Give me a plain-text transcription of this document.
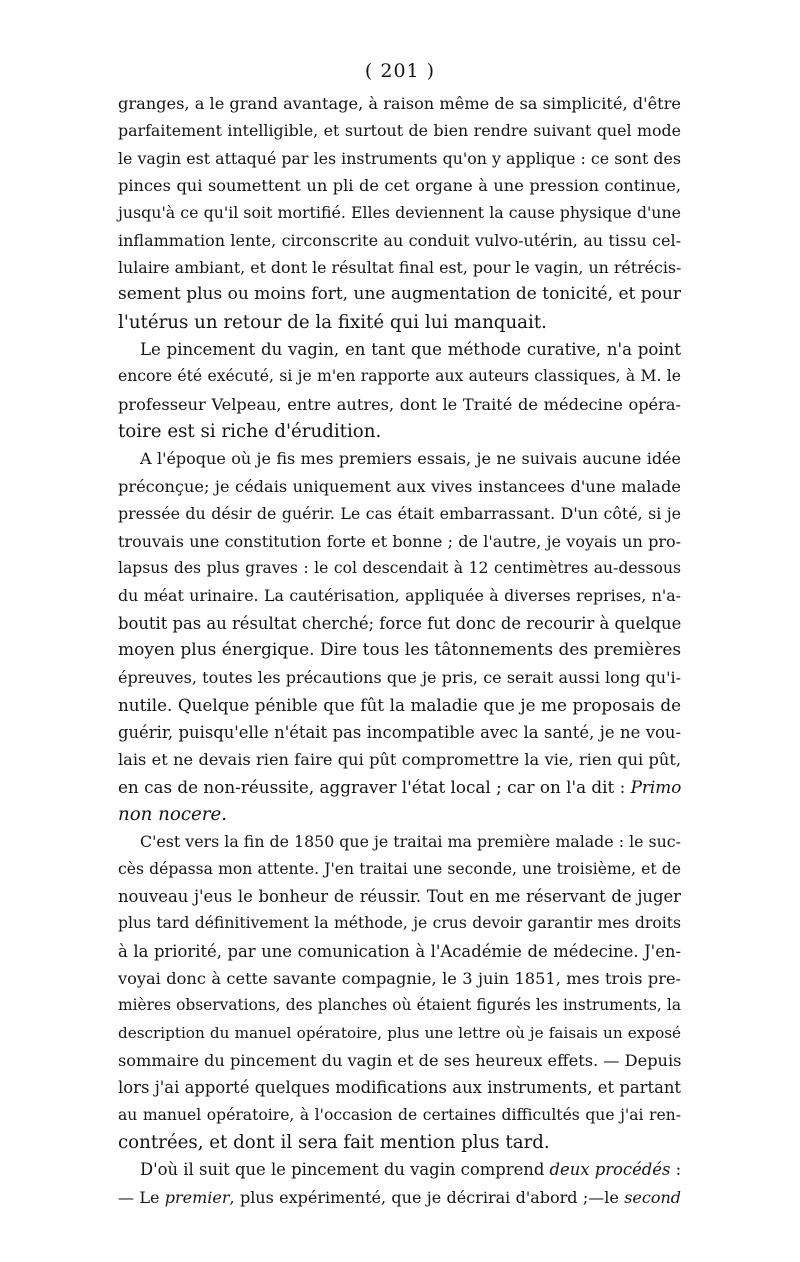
( 201 )
granges, a le grand avantage, à raison même de sa simplicité, d'être
parfaitement intelligible, et surtout de bien rendre suivant quel mode
le vagin est attaqué par les instruments qu'on y applique : ce sont des
pinces qui soumettent un pli de cet organe à une pression continue,
jusqu'à ce qu'il soit mortifié. Elles deviennent la cause physique d'une
inflammation lente, circonscrite au conduit vulvo-utérin, au tissu cel-
lulaire ambiant, et dont le résultat final est, pour le vagin, un rétrécis-
sement plus ou moins fort, une augmentation de tonicité, et pour
l'utérus un retour de la fixité qui lui manquait.
Le pincement du vagin, en tant que méthode curative, n'a point
encore été exécuté, si je m'en rapporte aux auteurs classiques, à M. le
professeur Velpeau, entre autres, dont le Traité de médecine opéra-
toire est si riche d'érudition.
A l'époque où je fis mes premiers essais, je ne suivais aucune idée
préconçue; je cédais uniquement aux vives instancees d'une malade
pressée du désir de guérir. Le cas était embarrassant. D'un côté, si je
trouvais une constitution forte et bonne ; de l'autre, je voyais un pro-
lapsus des plus graves : le col descendait à 12 centimètres au-dessous
du méat urinaire. La cautérisation, appliquée à diverses reprises, n'a-
boutit pas au résultat cherché; force fut donc de recourir à quelque
moyen plus énergique. Dire tous les tâtonnements des premières
épreuves, toutes les précautions que je pris, ce serait aussi long qu'i-
nutile. Quelque pénible que fût la maladie que je me proposais de
guérir, puisqu'elle n'était pas incompatible avec la santé, je ne vou-
lais et ne devais rien faire qui pût compromettre la vie, rien qui pût,
en cas de non-réussite, aggraver l'état local ; car on l'a dit : Primo
non nocere.
C'est vers la fin de 1850 que je traitai ma première malade : le suc-
cès dépassa mon attente. J'en traitai une seconde, une troisième, et de
nouveau j'eus le bonheur de réussir. Tout en me réservant de juger
plus tard définitivement la méthode, je crus devoir garantir mes droits
à la priorité, par une comunication à l'Académie de médecine. J'en-
voyai donc à cette savante compagnie, le 3 juin 1851, mes trois pre-
mières observations, des planches où étaient figurés les instruments, la
description du manuel opératoire, plus une lettre où je faisais un exposé
sommaire du pincement du vagin et de ses heureux effets. — Depuis
lors j'ai apporté quelques modifications aux instruments, et partant
au manuel opératoire, à l'occasion de certaines difficultés que j'ai ren-
contrées, et dont il sera fait mention plus tard.
D'où il suit que le pincement du vagin comprend deux procédés :
— Le premier, plus expérimenté, que je décrirai d'abord ;—le second
